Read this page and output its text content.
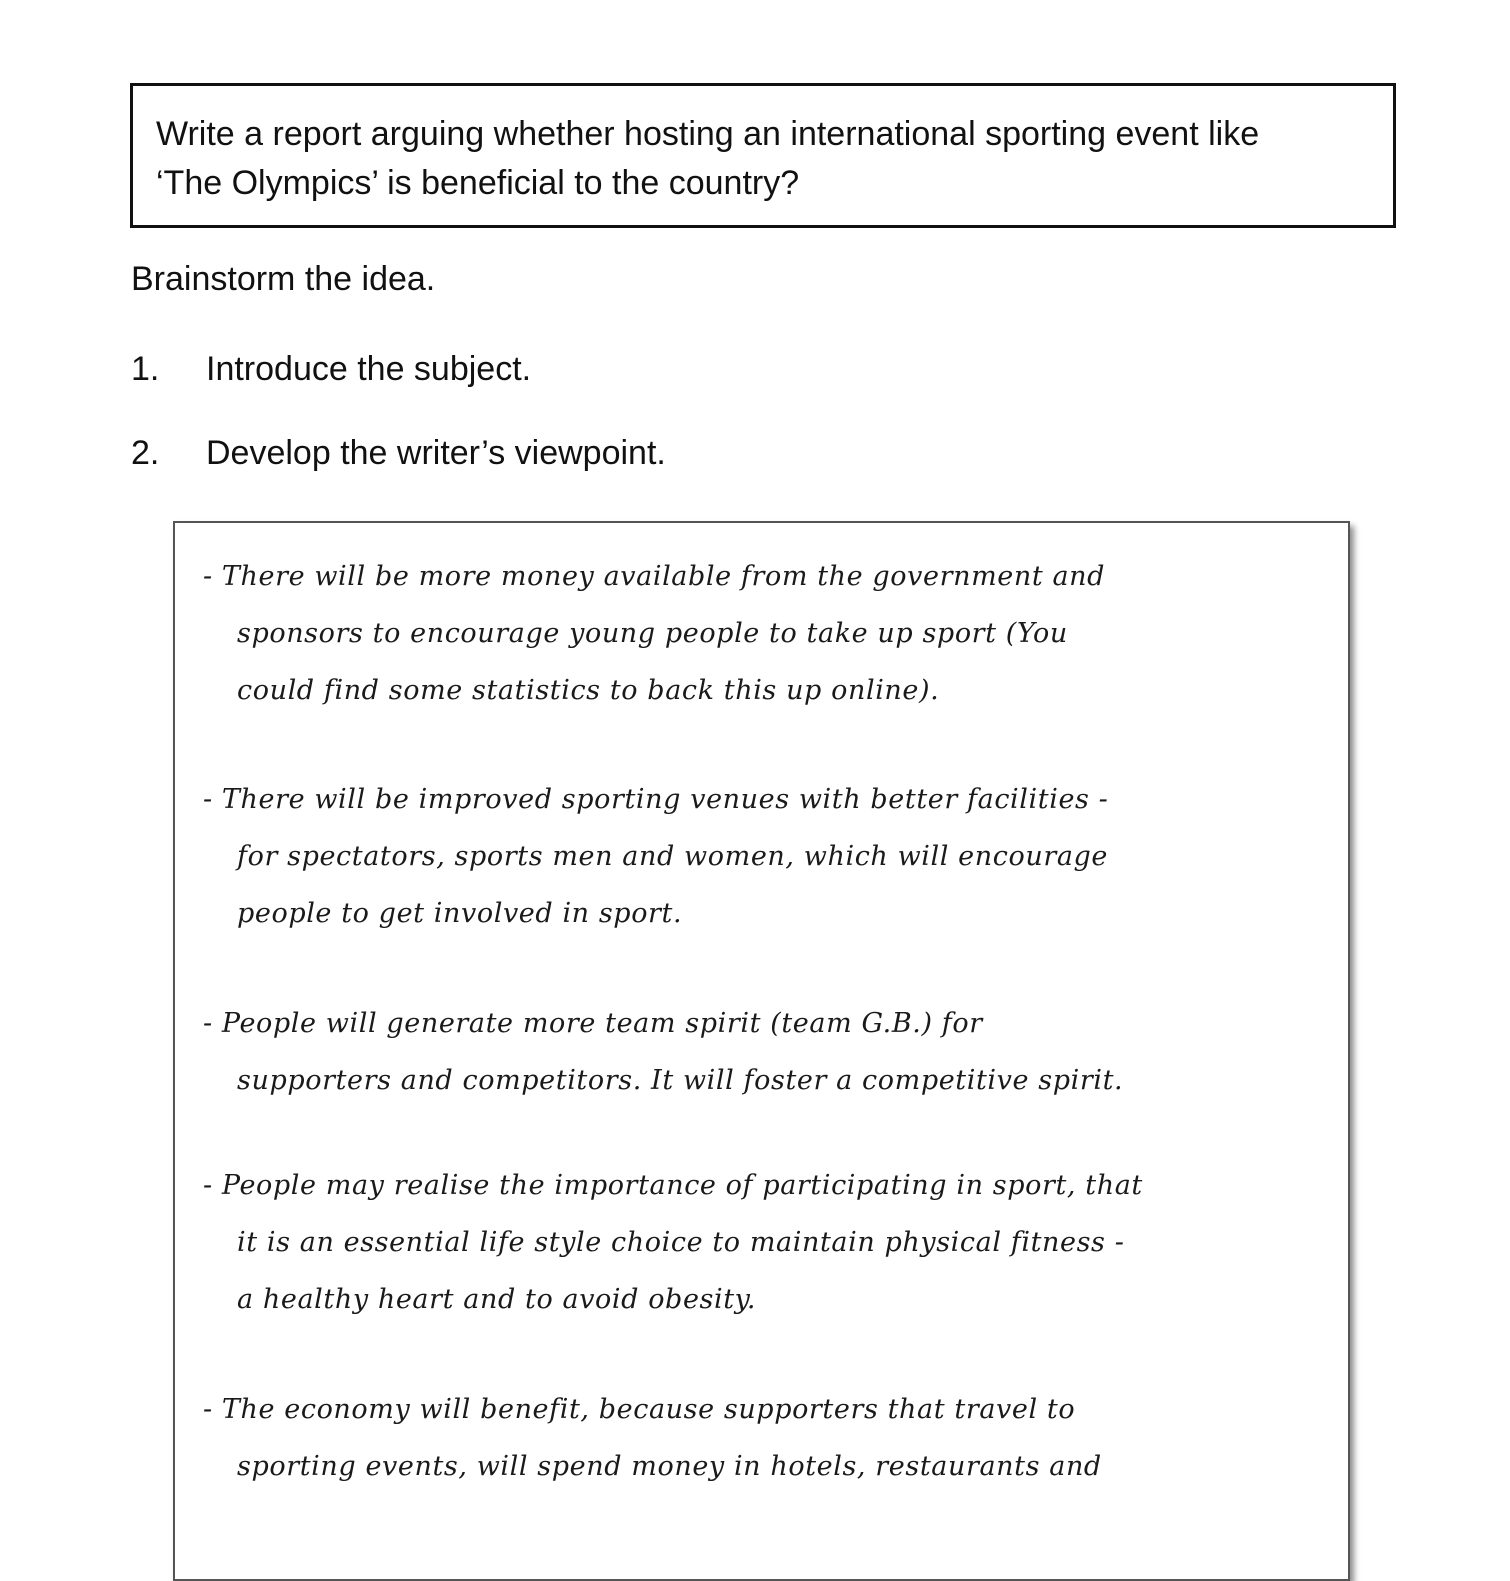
Write a report arguing whether hosting an international sporting event like
‘The Olympics’ is beneficial to the country?
Brainstorm the idea.
1. Introduce the subject.
2. Develop the writer’s viewpoint.
- There will be more money available from the government and
sponsors to encourage young people to take up sport (You
could find some statistics to back this up online).
- There will be improved sporting venues with better facilities -
for spectators, sports men and women, which will encourage
people to get involved in sport.
- People will generate more team spirit (team G.B.) for
supporters and competitors. It will foster a competitive spirit.
- People may realise the importance of participating in sport, that
it is an essential life style choice to maintain physical fitness -
a healthy heart and to avoid obesity.
- The economy will benefit, because supporters that travel to
sporting events, will spend money in hotels, restaurants and
